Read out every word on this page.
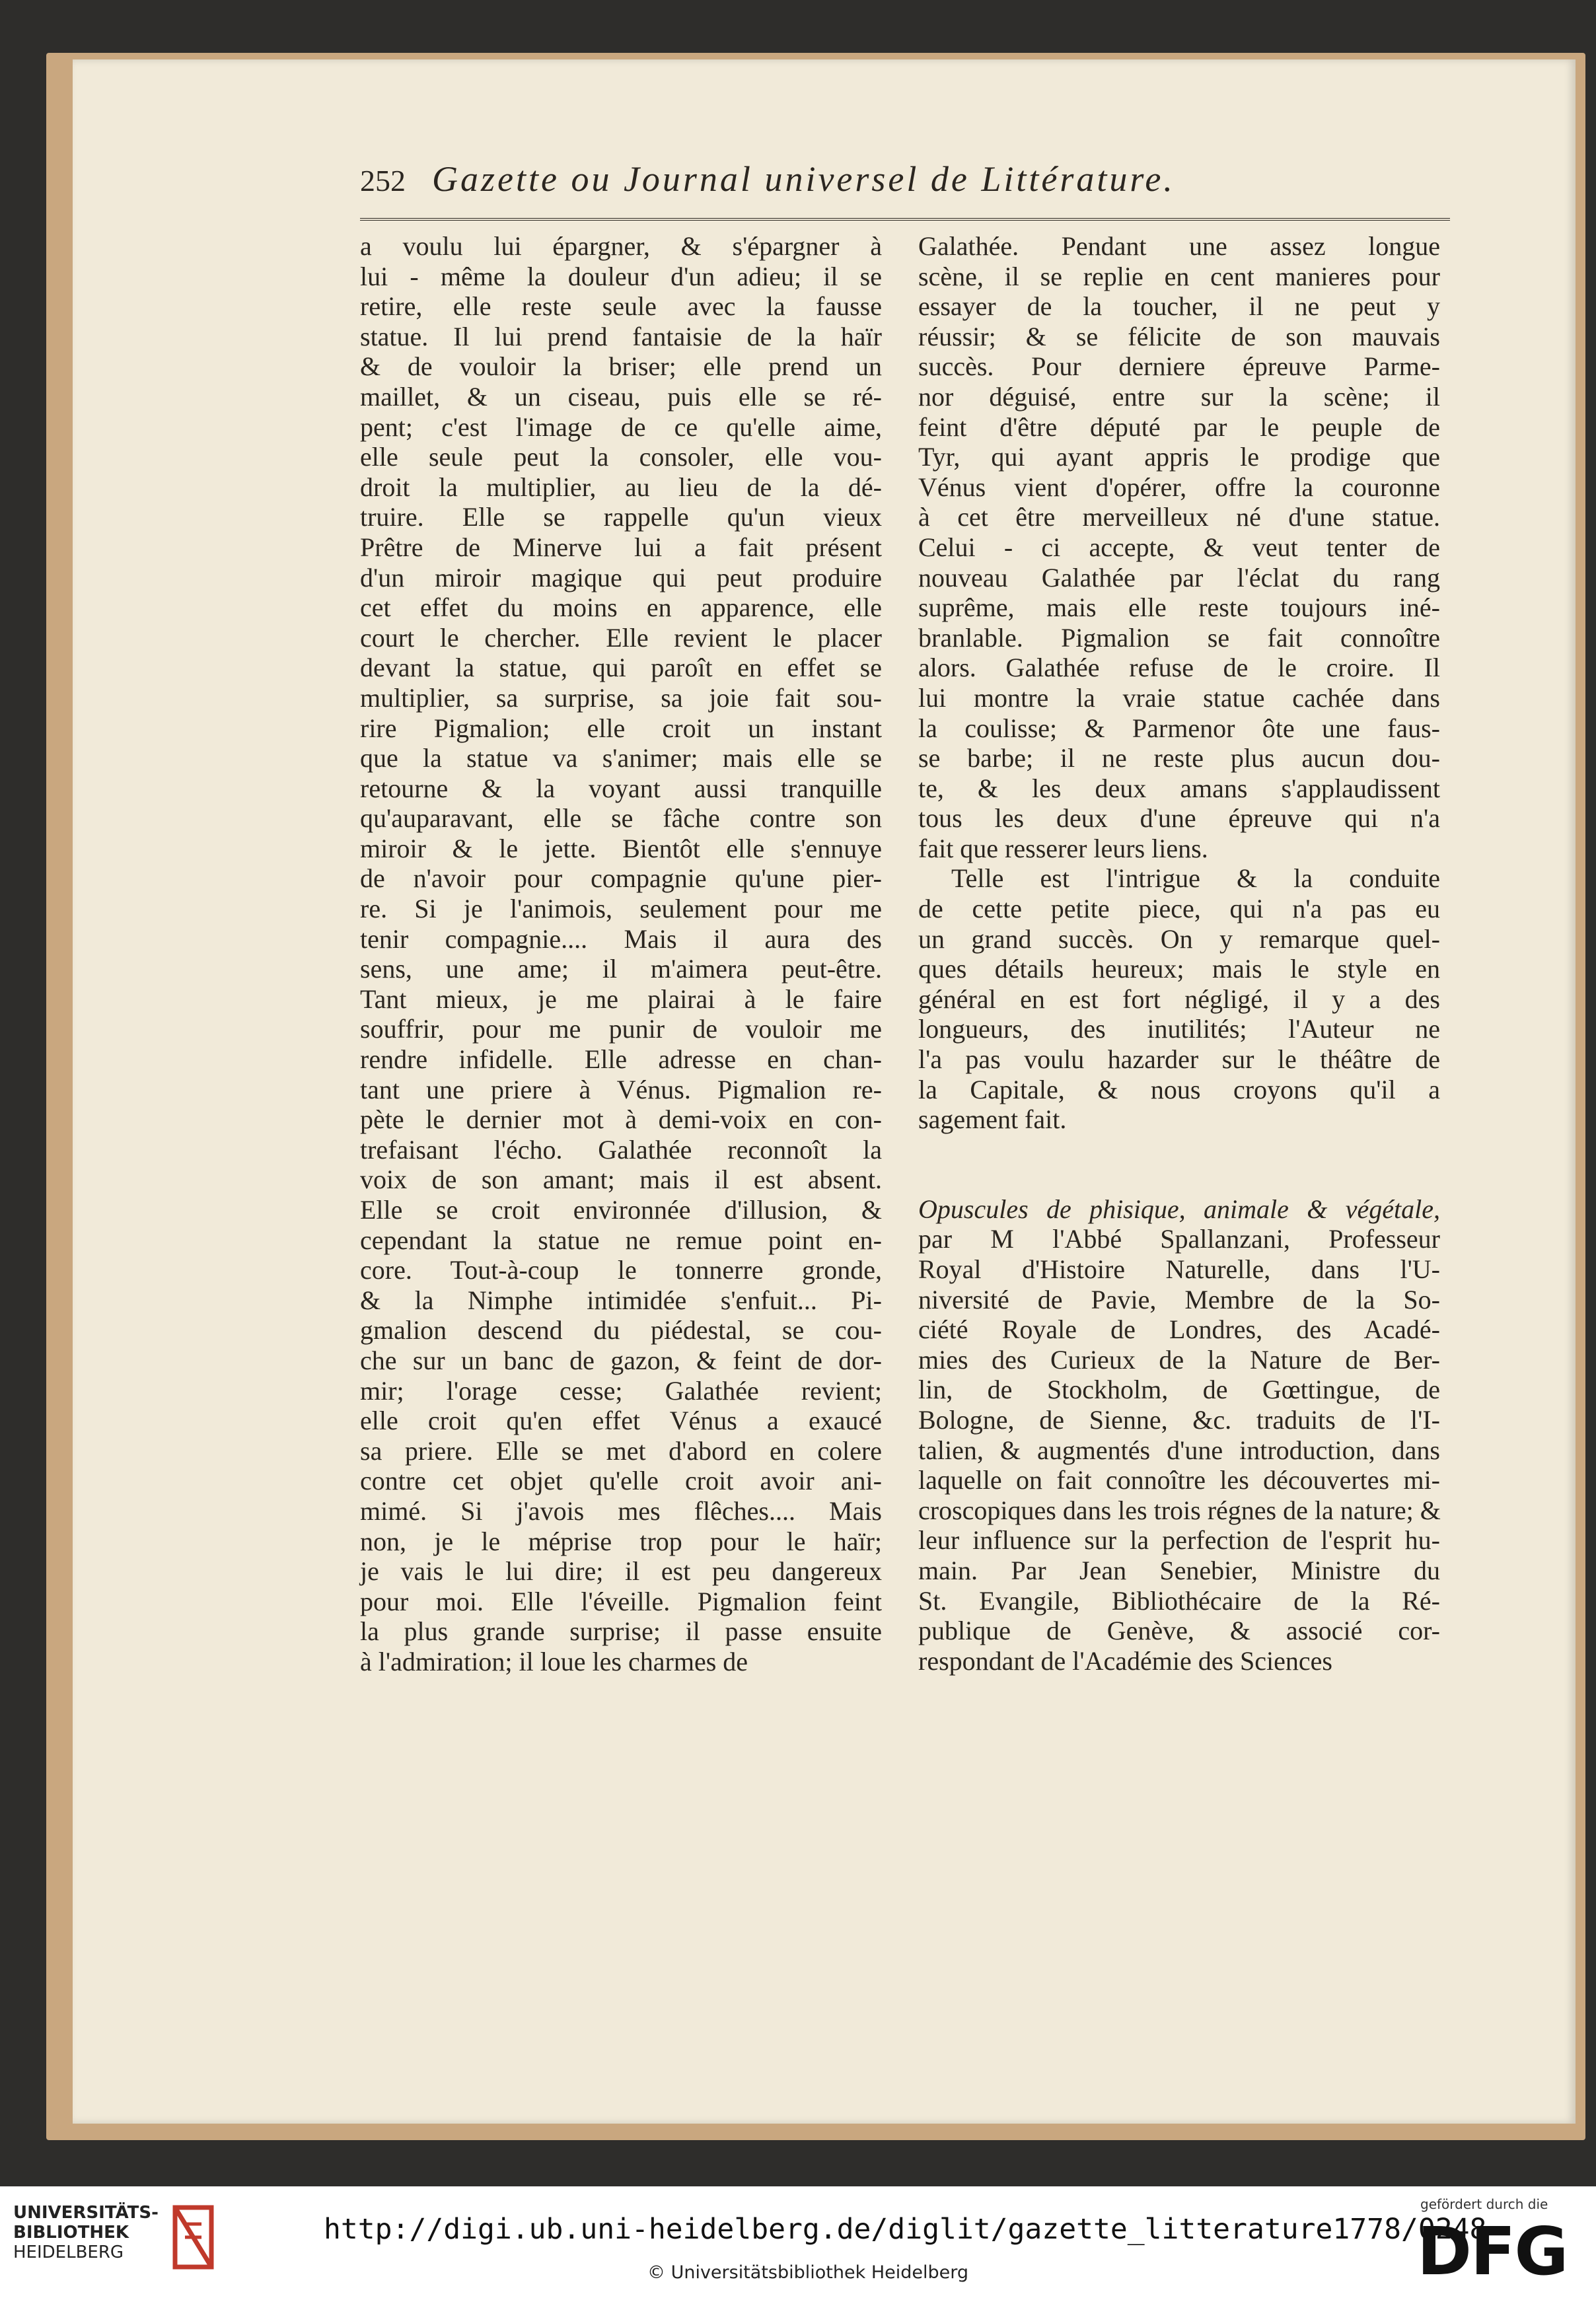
252 Gazette ou Journal universel de Littérature.
a voulu lui épargner, & s'épargner à
lui - même la douleur d'un adieu; il se
retire, elle reste seule avec la fausse
statue. Il lui prend fantaisie de la haïr
& de vouloir la briser; elle prend un
maillet, & un ciseau, puis elle se ré-
pent; c'est l'image de ce qu'elle aime,
elle seule peut la consoler, elle vou-
droit la multiplier, au lieu de la dé-
truire. Elle se rappelle qu'un vieux
Prêtre de Minerve lui a fait présent
d'un miroir magique qui peut produire
cet effet du moins en apparence, elle
court le chercher. Elle revient le placer
devant la statue, qui paroît en effet se
multiplier, sa surprise, sa joie fait sou-
rire Pigmalion; elle croit un instant
que la statue va s'animer; mais elle se
retourne & la voyant aussi tranquille
qu'auparavant, elle se fâche contre son
miroir & le jette. Bientôt elle s'ennuye
de n'avoir pour compagnie qu'une pier-
re. Si je l'animois, seulement pour me
tenir compagnie.... Mais il aura des
sens, une ame; il m'aimera peut-être.
Tant mieux, je me plairai à le faire
souffrir, pour me punir de vouloir me
rendre infidelle. Elle adresse en chan-
tant une priere à Vénus. Pigmalion re-
pète le dernier mot à demi-voix en con-
trefaisant l'écho. Galathée reconnoît la
voix de son amant; mais il est absent.
Elle se croit environnée d'illusion, &
cependant la statue ne remue point en-
core. Tout-à-coup le tonnerre gronde,
& la Nimphe intimidée s'enfuit... Pi-
gmalion descend du piédestal, se cou-
che sur un banc de gazon, & feint de dor-
mir; l'orage cesse; Galathée revient;
elle croit qu'en effet Vénus a exaucé
sa priere. Elle se met d'abord en colere
contre cet objet qu'elle croit avoir ani-
mimé. Si j'avois mes flêches.... Mais
non, je le méprise trop pour le haïr;
je vais le lui dire; il est peu dangereux
pour moi. Elle l'éveille. Pigmalion feint
la plus grande surprise; il passe ensuite
à l'admiration; il loue les charmes de
Galathée. Pendant une assez longue
scène, il se replie en cent manieres pour
essayer de la toucher, il ne peut y
réussir; & se félicite de son mauvais
succès. Pour derniere épreuve Parme-
nor déguisé, entre sur la scène; il
feint d'être député par le peuple de
Tyr, qui ayant appris le prodige que
Vénus vient d'opérer, offre la couronne
à cet être merveilleux né d'une statue.
Celui - ci accepte, & veut tenter de
nouveau Galathée par l'éclat du rang
suprême, mais elle reste toujours iné-
branlable. Pigmalion se fait connoître
alors. Galathée refuse de le croire. Il
lui montre la vraie statue cachée dans
la coulisse; & Parmenor ôte une faus-
se barbe; il ne reste plus aucun dou-
te, & les deux amans s'applaudissent
tous les deux d'une épreuve qui n'a
fait que resserer leurs liens.
Telle est l'intrigue & la conduite
de cette petite piece, qui n'a pas eu
un grand succès. On y remarque quel-
ques détails heureux; mais le style en
général en est fort négligé, il y a des
longueurs, des inutilités; l'Auteur ne
l'a pas voulu hazarder sur le théâtre de
la Capitale, & nous croyons qu'il a
sagement fait.
Opuscules de phisique, animale & végétale,
par M l'Abbé Spallanzani, Professeur
Royal d'Histoire Naturelle, dans l'U-
niversité de Pavie, Membre de la So-
ciété Royale de Londres, des Acadé-
mies des Curieux de la Nature de Ber-
lin, de Stockholm, de Gœttingue, de
Bologne, de Sienne, &c. traduits de l'I-
talien, & augmentés d'une introduction, dans
laquelle on fait connoître les découvertes mi-
croscopiques dans les trois régnes de la nature; &
leur influence sur la perfection de l'esprit hu-
main. Par Jean Senebier, Ministre du
St. Evangile, Bibliothécaire de la Ré-
publique de Genève, & associé cor-
respondant de l'Académie des Sciences
UNIVERSITÄTS-
BIBLIOTHEK
HEIDELBERG
http://digi.ub.uni-heidelberg.de/diglit/gazette_litterature1778/0248
© Universitätsbibliothek Heidelberg
gefördert durch die
DFG
